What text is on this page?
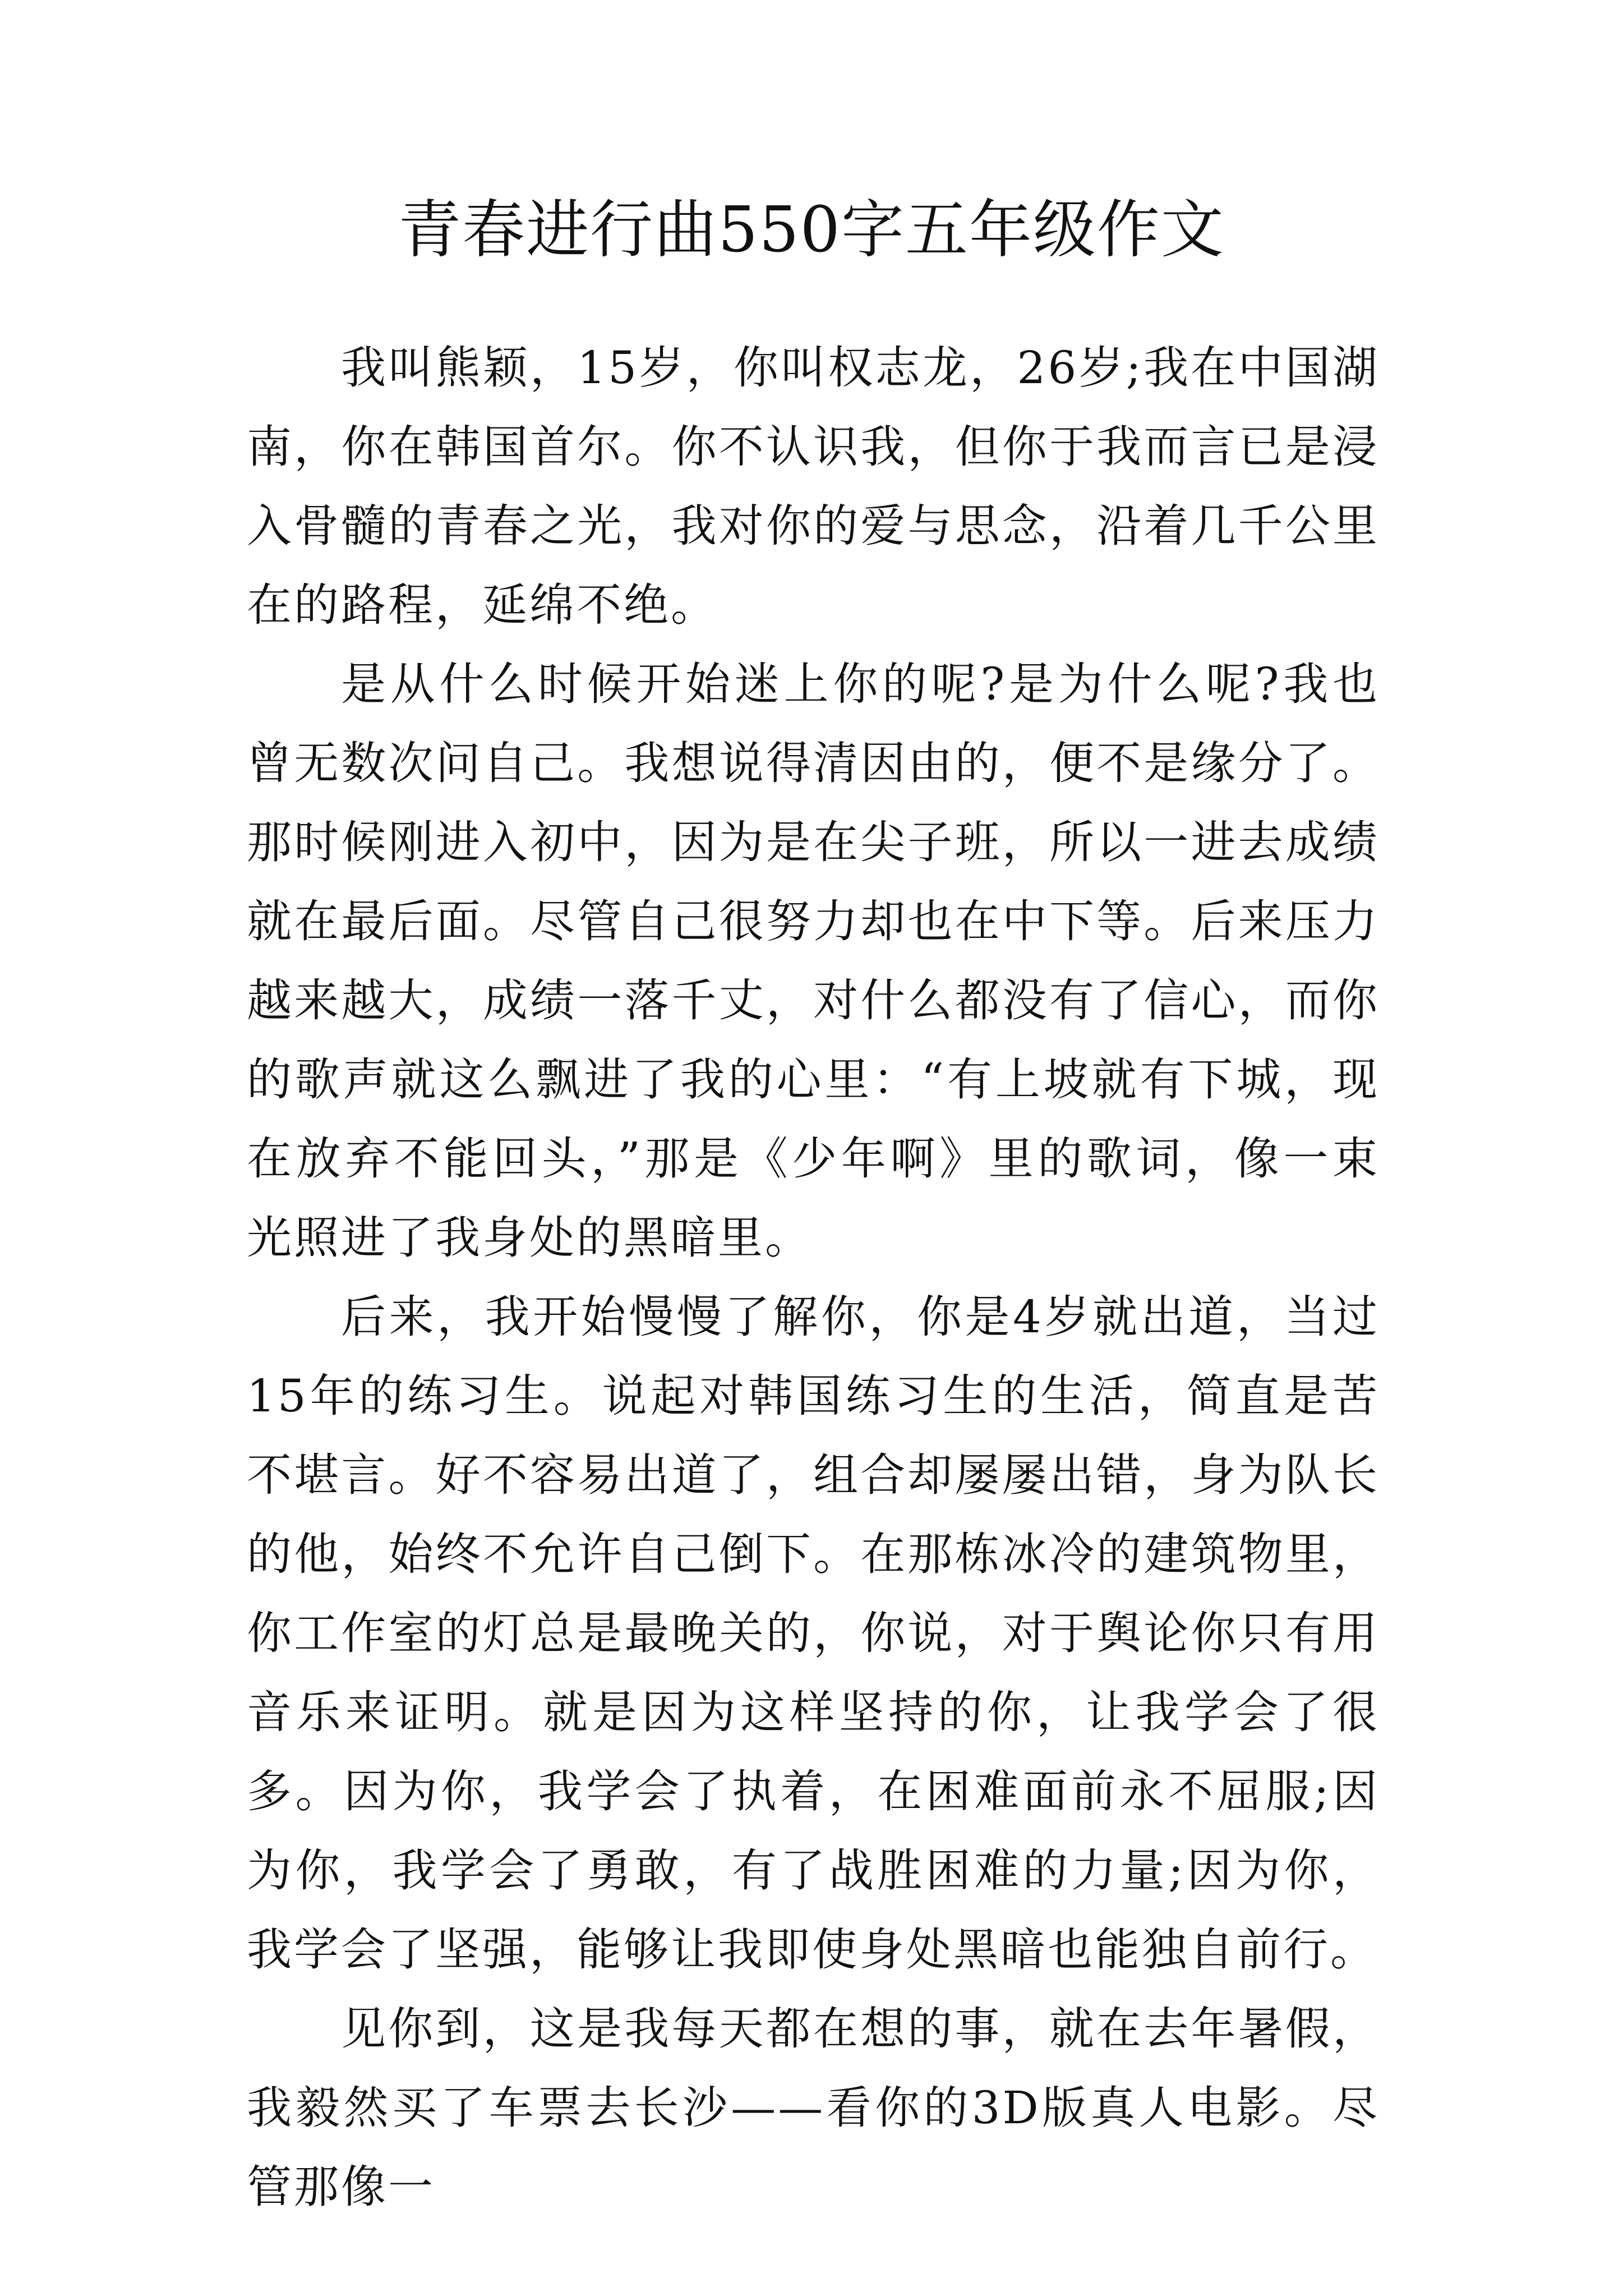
青春进行曲550字五年级作文

我叫熊颖，15岁，你叫权志龙，26岁;我在中国湖南，你在韩国首尔。你不认识我，但你于我而言已是浸入骨髓的青春之光，我对你的爱与思念，沿着几千公里在的路程，延绵不绝。

是从什么时候开始迷上你的呢?是为什么呢?我也曾无数次问自己。我想说得清因由的，便不是缘分了。那时候刚进入初中，因为是在尖子班，所以一进去成绩就在最后面。尽管自己很努力却也在中下等。后来压力越来越大，成绩一落千丈，对什么都没有了信心，而你的歌声就这么飘进了我的心里：“有上坡就有下城，现在放弃不能回头，”那是《少年啊》里的歌词，像一束光照进了我身处的黑暗里。

后来，我开始慢慢了解你，你是4岁就出道，当过15年的练习生。说起对韩国练习生的生活，简直是苦不堪言。好不容易出道了，组合却屡屡出错，身为队长的他，始终不允许自己倒下。在那栋冰冷的建筑物里，你工作室的灯总是最晚关的，你说，对于舆论你只有用音乐来证明。就是因为这样坚持的你，让我学会了很多。因为你，我学会了执着，在困难面前永不屈服;因为你，我学会了勇敢，有了战胜困难的力量;因为你，我学会了坚强，能够让我即使身处黑暗也能独自前行。

见你到，这是我每天都在想的事，就在去年暑假，我毅然买了车票去长沙——看你的3D版真人电影。尽管那像一
